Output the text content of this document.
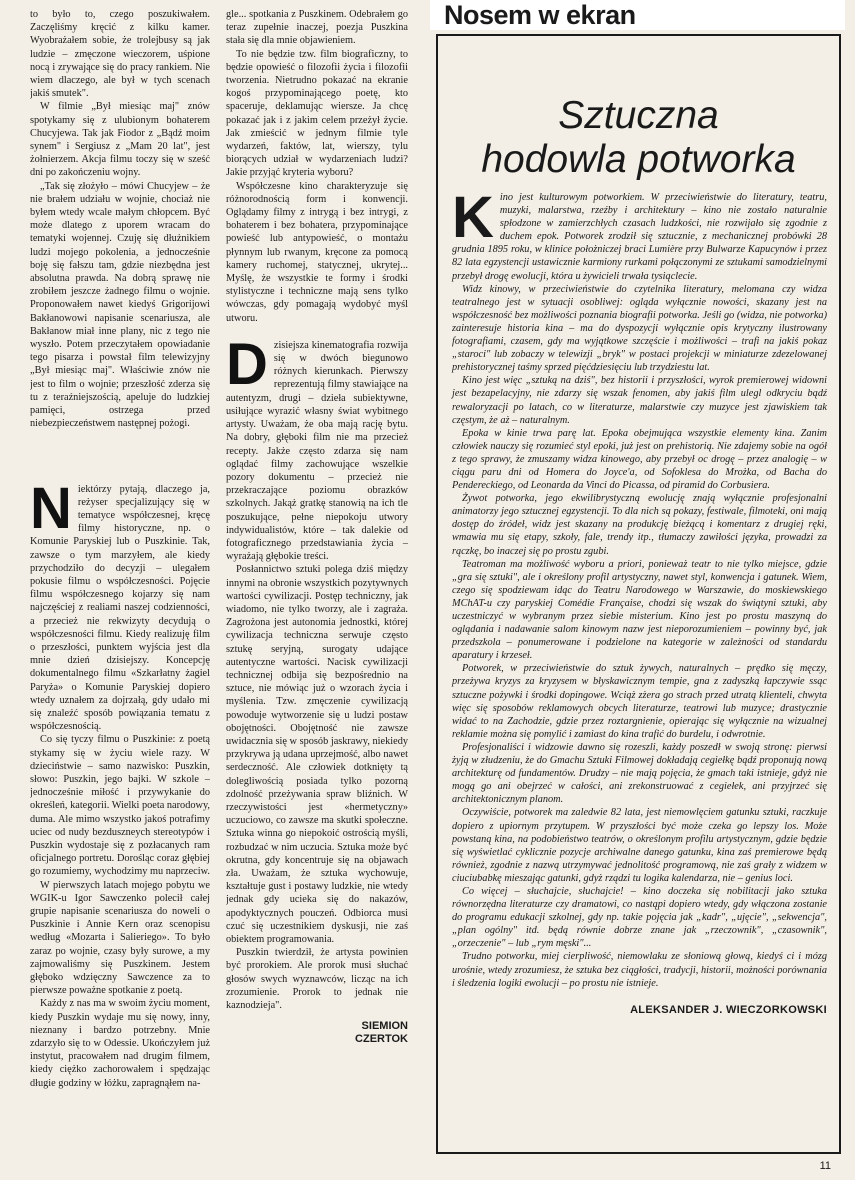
to było to, czego poszukiwałem. Zaczęliśmy kręcić z kilku kamer. Wyobrażałem sobie, że trolejbusy są jak ludzie – zmęczone wieczorem, uśpione nocą i zrywające się do pracy rankiem. Nie wiem dlaczego, ale był w tych scenach jakiś smutek".

W filmie „Był miesiąc maj" znów spotykamy się z ulubionym bohaterem Chucyjewa. Tak jak Fiodor z „Bądź moim synem" i Sergiusz z „Mam 20 lat", jest żołnierzem. Akcja filmu toczy się w sześć dni po zakończeniu wojny.

„Tak się złożyło – mówi Chucyjew – że nie brałem udziału w wojnie, chociaż nie byłem wtedy wcale małym chłopcem. Być może dlatego z uporem wracam do tematyki wojennej. Czuję się dłużnikiem ludzi mojego pokolenia, a jednocześnie boję się fałszu tam, gdzie niezbędna jest absolutna prawda. Na dobrą sprawę nie zrobiłem jeszcze żadnego filmu o wojnie. Proponowałem nawet kiedyś Grigorijowi Bakłanowowi napisanie scenariusza, ale Bakłanow miał inne plany, nic z tego nie wyszło. Potem przeczytałem opowiadanie tego pisarza i powstał film telewizyjny „Był miesiąc maj". Właściwie znów nie jest to film o wojnie; przeszłość zderza się tu z teraźniejszością, apeluje do ludzkiej pamięci, ostrzega przed niebezpieczeństwem następnej pożogi.

Niektórzy pytają, dlaczego ja, reżyser specjalizujący się w tematyce współczesnej, kręcę filmy historyczne, np. o Komunie Paryskiej lub o Puszkinie. Tak, zawsze o tym marzyłem, ale kiedy przychodziło do decyzji – ulegałem pokusie filmu o współczesności. Pojęcie filmu współczesnego kojarzy się nam najczęściej z realiami naszej codzienności, a przecież nie rekwizyty decydują o współczesności filmu. Kiedy realizuję film o przeszłości, punktem wyjścia jest dla mnie dzień dzisiejszy. Koncepcję dokumentalnego filmu «Szkarłatny żagiel Paryża» o Komunie Paryskiej dopiero wtedy uznałem za dojrzałą, gdy udało mi się znaleźć sposób powiązania tematu z współczesnością.

Co się tyczy filmu o Puszkinie: z poetą stykamy się w życiu wiele razy. W dzieciństwie – samo nazwisko: Puszkin, słowo: Puszkin, jego bajki. W szkole – jednocześnie miłość i przywykanie do określeń, kategorii. Wielki poeta narodowy, duma. Ale mimo wszystko jakoś potrafimy uciec od nudy bezduszneych stereotypów i Puszkin wydostaje się z pozłacanych ram oficjalnego portretu. Dorośląc coraz głębiej go rozumiemy, wychodzimy mu naprzeciw.

W pierwszych latach mojego pobytu we WGIK-u Igor Sawczenko polecił całej grupie napisanie scenariusza do noweli o Puszkinie i Annie Kern oraz scenopisu według «Mozarta i Salieriego». To było zaraz po wojnie, czasy były surowe, a my zajmowaliśmy się Puszkinem. Jestem głęboko wdzięczny Sawczence za to pierwsze poważne spotkanie z poetą.

Każdy z nas ma w swoim życiu moment, kiedy Puszkin wydaje mu się nowy, inny, nieznany i bardzo potrzebny. Mnie zdarzyło się to w Odessie. Ukończyłem już instytut, pracowałem nad drugim filmem, kiedy ciężko zachorowałem i spędzając długie godziny w łóżku, zapragnąłem na-

gle... spotkania z Puszkinem. Odebrałem go teraz zupełnie inaczej, poezja Puszkina stała się dla mnie objawieniem.

To nie będzie tzw. film biograficzny, to będzie opowieść o filozofii życia i filozofii tworzenia. Nietrudno pokazać na ekranie kogoś przypominającego poetę, kto spaceruje, deklamując wiersze. Ja chcę pokazać jak i z jakim celem przeżył życie. Jak zmieścić w jednym filmie tyle wydarzeń, faktów, lat, wierszy, tylu biorących udział w wydarzeniach ludzi? Jakie przyjąć kryteria wyboru?

Współczesne kino charakteryzuje się różnorodnością form i konwencji. Oglądamy filmy z intrygą i bez intrygi, z bohaterem i bez bohatera, przypominające powieść lub antypowieść, o montażu płynnym lub rwanym, kręcone za pomocą kamery ruchomej, statycznej, ukrytej... Myślę, że wszystkie te formy i środki stylistyczne i techniczne mają sens tylko wówczas, gdy pomagają wydobyć myśl utworu.

Dzisiejsza kinematografia rozwija się w dwóch biegunowo różnych kierunkach. Pierwszy reprezentują filmy stawiające na autentyzm, drugi – dzieła subiektywne, usiłujące wyrazić własny świat wybitnego artysty. Uważam, że oba mają rację bytu. Na dobry, głęboki film nie ma przecież recepty. Jakże często zdarza się nam oglądać filmy zachowujące wszelkie pozory dokumentu – przecież nie przekraczające poziomu obrazków szkolnych. Jakąż gratkę stanowią na ich tle poszukujące, pełne niepokoju utwory indywidualistów, które – tak dalekie od fotograficznego przedstawiania życia – wyrażają głębokie treści.

Posłannictwo sztuki polega dziś między innymi na obronie wszystkich pozytywnych wartości cywilizacji. Postęp techniczny, jak wiadomo, nie tylko tworzy, ale i zagraża. Zagrożona jest autonomia jednostki, której cywilizacja techniczna serwuje często sztukę seryjną, surogaty udające autentyczne wartości. Nacisk cywilizacji technicznej odbija się bezpośrednio na sztuce, nie mówiąc już o wzorach życia i myślenia. Tzw. zmęczenie cywilizacją powoduje wytworzenie się u ludzi postaw obojętności. Obojętność nie zawsze uwidacznia się w sposób jaskrawy, niekiedy przykrywa ją udana uprzejmość, albo nawet serdeczność. Ale człowiek dotknięty tą dolegliwością posiada tylko pozorną zdolność przeżywania spraw bliźnich. W rzeczywistości jest «hermetyczny» uczuciowo, co zawsze ma skutki społeczne. Sztuka winna go niepokoić ostrością myśli, rozbudzać w nim uczucia. Sztuka może być okrutna, gdy koncentruje się na objawach zła. Uważam, że sztuka wychowuje, kształtuje gust i postawy ludzkie, nie wtedy jednak gdy ucieka się do nakazów, apodyktycznych pouczeń. Odbiorca musi czuć się uczestnikiem dyskusji, nie zaś obiektem programowania.

Puszkin twierdził, że artysta powinien być prorokiem. Ale prorok musi słuchać głosów swych wyznawców, licząc na ich zrozumienie. Prorok to jednak nie kaznodzieja".

SIEMION
CZERTOK

Nosem w ekran
Sztuczna
hodowla potworka

Kino jest kulturowym potworkiem. W przeciwieństwie do literatury, teatru, muzyki, malarstwa, rzeźby i architektury – kino nie zostało naturalnie spłodzone w zamierzchłych czasach ludzkości, nie rozwijało się zgodnie z duchem epok. Potworek zrodził się sztucznie, z mechanicznej probówki 28 grudnia 1895 roku, w klinice położniczej braci Lumière przy Bulwarze Kapucynów i przez 82 lata egzystencji ustawicznie karmiony rurkami połączonymi ze sztukami samodzielnymi przebył drogę ewolucji, która u żywicieli trwała tysiąclecie.

Widz kinowy, w przeciwieństwie do czytelnika literatury, melomana czy widza teatralnego jest w sytuacji osobliwej: ogląda wyłącznie nowości, skazany jest na współczesność bez możliwości poznania biografii potworka. Jeśli go (widza, nie potworka) zainteresuje historia kina – ma do dyspozycji wyłącznie opis krytyczny ilustrowany fotografiami, czasem, gdy ma wyjątkowe szczęście i możliwości – trafi na jakiś pokaz „staroci" lub zobaczy w telewizji „bryk" w postaci projekcji w miniaturze zdezelowanej prehistorycznej taśmy sprzed pięćdziesięciu lub trzydziestu lat.

Kino jest więc „sztuką na dziś", bez historii i przyszłości, wyrok premierowej widowni jest bezapelacyjny, nie zdarzy się wszak fenomen, aby jakiś film ulegl odkryciu bądź rewaloryzacji po latach, co w literaturze, malarstwie czy muzyce jest zjawiskiem tak częstym, że aż – naturalnym.

Epoka w kinie trwa parę lat. Epoka obejmująca wszystkie elementy kina. Zanim człowiek nauczy się rozumieć styl epoki, już jest on prehistorią. Nie zdajemy sobie na ogół z tego sprawy, że zmuszamy widza kinowego, aby przebył oc drogę – przez analogię – w ciągu paru dni od Homera do Joyce'a, od Sofoklesa do Mrożka, od Bacha do Pendereckiego, od Leonarda da Vinci do Picassa, od piramid do Corbusiera.

Żywot potworka, jego ekwilibrystyczną ewolucję znają wyłącznie profesjonalni animatorzy jego sztucznej egzystencji. To dla nich są pokazy, festiwale, filmoteki, oni mają dostęp do źródeł, widz jest skazany na produkcję bieżącą i komentarz z drugiej ręki, wmawia mu się etapy, szkoły, fale, trendy itp., tłumaczy zawiłości języka, prowadzi za rączkę, bo inaczej się po prostu zgubi.

Teatroman ma możliwość wyboru a priori, ponieważ teatr to nie tylko miejsce, gdzie „gra się sztuki", ale i określony profil artystyczny, nawet styl, konwencja i gatunek. Wiem, czego się spodziewam idąc do Teatru Narodowego w Warszawie, do moskiewskiego MChAT-u czy paryskiej Comédie Française, chodzi się wszak do świątyni sztuki, aby uczestniczyć w wybranym przez siebie misterium. Kino jest po prostu maszyną do oglądania i nadawanie salom kinowym nazw jest nieporozumieniem – powinny być, jak przedszkola – ponumerowane i podzielone na kategorie w zależności od standardu aparatury i krzeseł.

Potworek, w przeciwieństwie do sztuk żywych, naturalnych – prędko się męczy, przeżywa kryzys za kryzysem w błyskawicznym tempie, gna z zadyszką łapczywie ssąc sztuczne pożywki i środki dopingowe. Wciąż zżera go strach przed utratą klienteli, chwyta więc się sposobów reklamowych obcych literaturze, teatrowi lub muzyce; drastycznie widać to na Zachodzie, gdzie przez roztargnienie, opierając się wyłącznie na wizualnej reklamie można się pomylić i zamiast do kina trafić do burdelu, i odwrotnie.

Profesjonaliści i widzowie dawno się rozeszli, każdy poszedł w swoją stronę: pierwsi żyją w złudzeniu, że do Gmachu Sztuki Filmowej dokładają cegiełkę bądź proponują nową architekturę od fundamentów. Drudzy – nie mają pojęcia, że gmach taki istnieje, gdyż nie mogą go ani obejrzeć w całości, ani zrekonstruować z cegiełek, ani przyjrzeć się architektonicznym planom.

Oczywiście, potworek ma zaledwie 82 lata, jest niemowlęciem gatunku sztuki, raczkuje dopiero z upiornym przytupem. W przyszłości być może czeka go lepszy los. Może powstaną kina, na podobieństwo teatrów, o określonym profilu artystycznym, gdzie będzie się wyświetlać cyklicznie pozycje archiwalne danego gatunku, kina zaś premierowe będą również, zgodnie z nazwą utrzymywać jednolitość programową, nie zaś grały z widzem w ciuciubabkę mieszając gatunki, gdyż rządzi tu logika kalendarza, nie – genius loci.

Co więcej – słuchajcie, słuchajcie! – kino doczeka się nobilitacji jako sztuka równorzędna literaturze czy dramatowi, co nastąpi dopiero wtedy, gdy włączona zostanie do programu edukacji szkolnej, gdy np. takie pojęcia jak „kadr", „ujęcie", „sekwencja", „plan ogólny" itd. będą równie dobrze znane jak „rzeczownik", „czasownik", „orzeczenie" – lub „rym męski"...

Trudno potworku, miej cierpliwość, niemowlaku ze słoniową głową, kiedyś ci i mózg urośnie, wtedy zrozumiesz, że sztuka bez ciągłości, tradycji, historii, możności porównania i śledzenia logiki ewolucji – po prostu nie istnieje.

ALEKSANDER J. WIECZORKOWSKI

11
